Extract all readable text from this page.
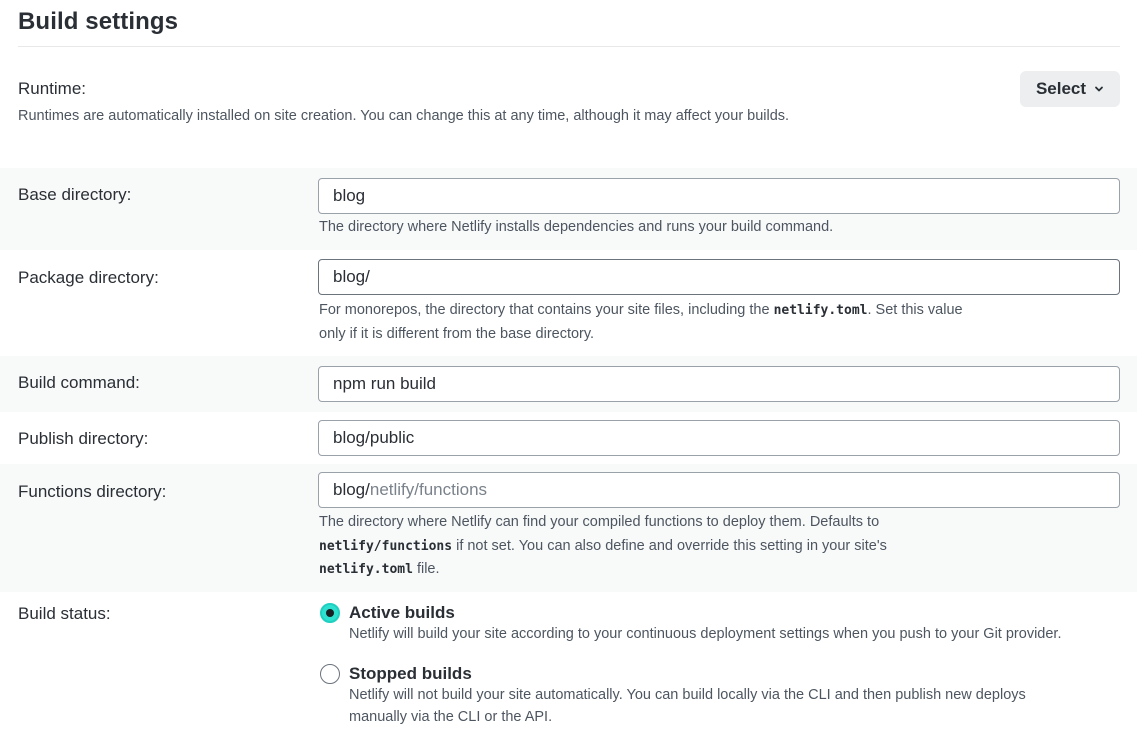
Build settings
Runtime:
Runtimes are automatically installed on site creation. You can change this at any time, although it may affect your builds.
Select
Base directory:	blog
The directory where Netlify installs dependencies and runs your build command.
Package directory:	blog/
For monorepos, the directory that contains your site files, including the netlify.toml. Set this value
only if it is different from the base directory.
Build command:	npm run build
Publish directory:	blog/public
Functions directory:	blog/ netlify/functions
The directory where Netlify can find your compiled functions to deploy them. Defaults to
netlify/functions if not set. You can also define and override this setting in your site's
netlify.toml file.
Build status:	Active builds
Netlify will build your site according to your continuous deployment settings when you push to your Git provider.
Stopped builds
Netlify will not build your site automatically. You can build locally via the CLI and then publish new deploys
manually via the CLI or the API.
